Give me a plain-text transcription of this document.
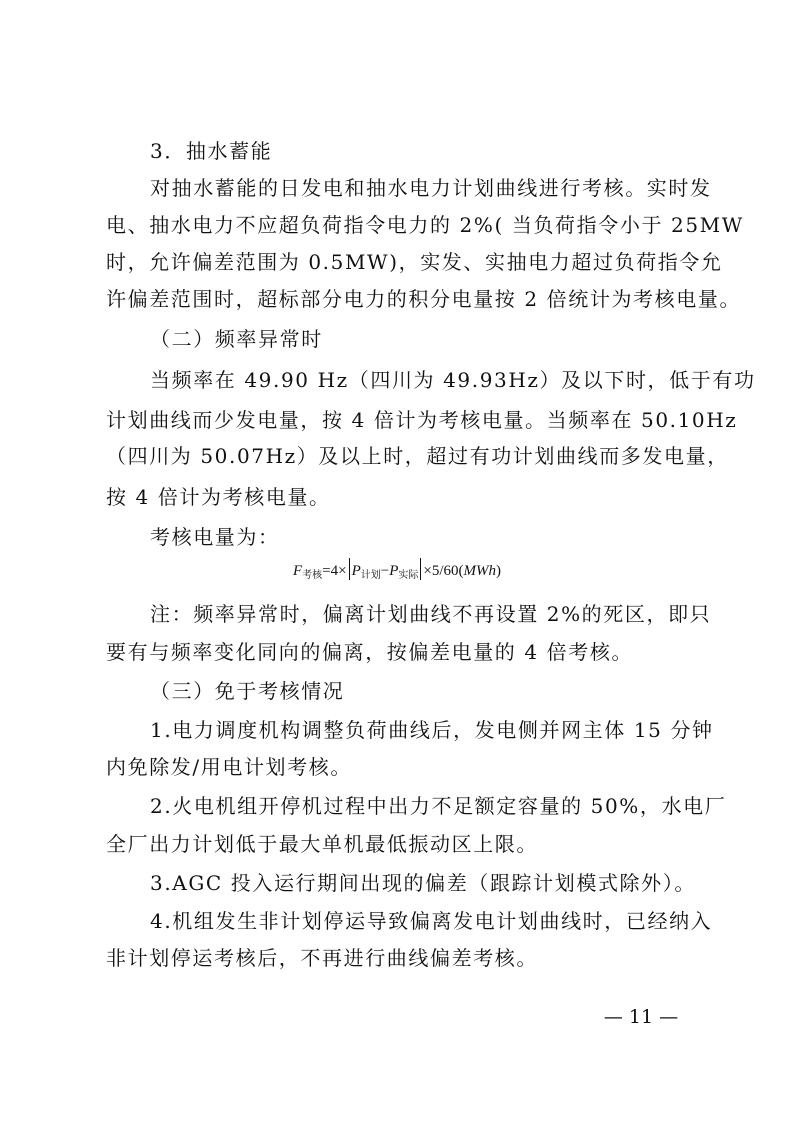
3．抽水蓄能
对抽水蓄能的日发电和抽水电力计划曲线进行考核。实时发
电、抽水电力不应超负荷指令电力的 2%( 当负荷指令小于 25MW
时，允许偏差范围为 0.5MW)，实发、实抽电力超过负荷指令允
许偏差范围时，超标部分电力的积分电量按 2 倍统计为考核电量。
（二）频率异常时
当频率在 49.90 Hz（四川为 49.93Hz）及以下时，低于有功
计划曲线而少发电量，按 4 倍计为考核电量。当频率在 50.10Hz
（四川为 50.07Hz）及以上时，超过有功计划曲线而多发电量，
按 4 倍计为考核电量。
考核电量为：
$F_{考核}=4\times P_{计划}-P_{实际} \times 5/60(MWh)$
注：频率异常时，偏离计划曲线不再设置 2%的死区，即只
要有与频率变化同向的偏离，按偏差电量的 4 倍考核。
（三）免于考核情况
1.电力调度机构调整负荷曲线后，发电侧并网主体 15 分钟
内免除发/用电计划考核。
2.火电机组开停机过程中出力不足额定容量的 50%，水电厂
全厂出力计划低于最大单机最低振动区上限。
3.AGC 投入运行期间出现的偏差（跟踪计划模式除外）。
4.机组发生非计划停运导致偏离发电计划曲线时，已经纳入
非计划停运考核后，不再进行曲线偏差考核。
— 11 —
